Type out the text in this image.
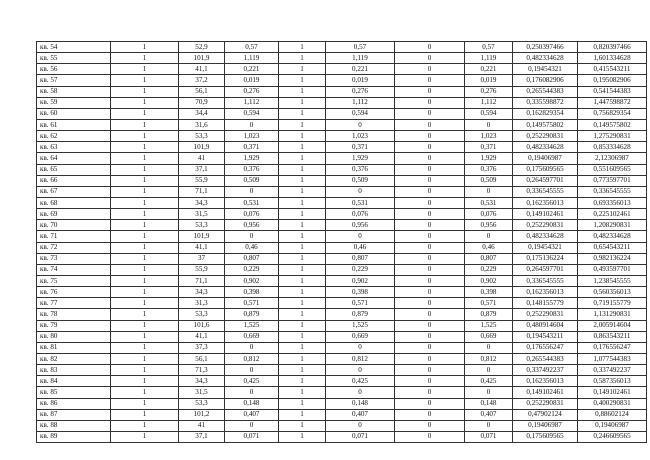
кв. 54	1	52,9	0,57	1	0,57	0	0,57	0,250397466	0,820397466
кв. 55	1	101,9	1,119	1	1,119	0	1,119	0,482334628	1,601334628
кв. 56	1	41,1	0,221	1	0,221	0	0,221	0,19454321	0,415543211
кв. 57	1	37,2	0,019	1	0,019	0	0,019	0,176082906	0,195082906
кв. 58	1	56,1	0,276	1	0,276	0	0,276	0,265544383	0,541544383
кв. 59	1	70,9	1,112	1	1,112	0	1,112	0,335598872	1,447598872
кв. 60	1	34,4	0,594	1	0,594	0	0,594	0,162829354	0,756829354
кв. 61	1	31,6	0	1	0	0	0	0,149575802	0,149575802
кв. 62	1	53,3	1,023	1	1,023	0	1,023	0,252290831	1,275290831
кв. 63	1	101,9	0,371	1	0,371	0	0,371	0,482334628	0,853334628
кв. 64	1	41	1,929	1	1,929	0	1,929	0,19406987	2,12306987
кв. 65	1	37,1	0,376	1	0,376	0	0,376	0,175609565	0,551609565
кв. 66	1	55,9	0,509	1	0,509	0	0,509	0,264597701	0,773597701
кв. 67	1	71,1	0	1	0	0	0	0,336545555	0,336545555
кв. 68	1	34,3	0,531	1	0,531	0	0,531	0,162356013	0,693356013
кв. 69	1	31,5	0,076	1	0,076	0	0,076	0,149102461	0,225102461
кв. 70	1	53,3	0,956	1	0,956	0	0,956	0,252290831	1,208290831
кв. 71	1	101,9	0	1	0	0	0	0,482334628	0,482334628
кв. 72	1	41,1	0,46	1	0,46	0	0,46	0,19454321	0,654543211
кв. 73	1	37	0,807	1	0,807	0	0,807	0,175136224	0,982136224
кв. 74	1	55,9	0,229	1	0,229	0	0,229	0,264597701	0,493597701
кв. 75	1	71,1	0,902	1	0,902	0	0,902	0,336545555	1,238545555
кв. 76	1	34,3	0,398	1	0,398	0	0,398	0,162356013	0,560356013
кв. 77	1	31,3	0,571	1	0,571	0	0,571	0,148155779	0,719155779
кв. 78	1	53,3	0,879	1	0,879	0	0,879	0,252290831	1,131290831
кв. 79	1	101,6	1,525	1	1,525	0	1,525	0,480914604	2,005914604
кв. 80	1	41,1	0,669	1	0,669	0	0,669	0,194543211	0,863543211
кв. 81	1	37,3	0	1	0	0	0	0,176556247	0,176556247
кв. 82	1	56,1	0,812	1	0,812	0	0,812	0,265544383	1,077544383
кв. 83	1	71,3	0	1	0	0	0	0,337492237	0,337492237
кв. 84	1	34,3	0,425	1	0,425	0	0,425	0,162356013	0,587356013
кв. 85	1	31,5	0	1	0	0	0	0,149102461	0,149102461
кв. 86	1	53,3	0,148	1	0,148	0	0,148	0,252290831	0,400290831
кв. 87	1	101,2	0,407	1	0,407	0	0,407	0,47902124	0,88602124
кв. 88	1	41	0	1	0	0	0	0,19406987	0,19406987
кв. 89	1	37,1	0,071	1	0,071	0	0,071	0,175609565	0,246609565
